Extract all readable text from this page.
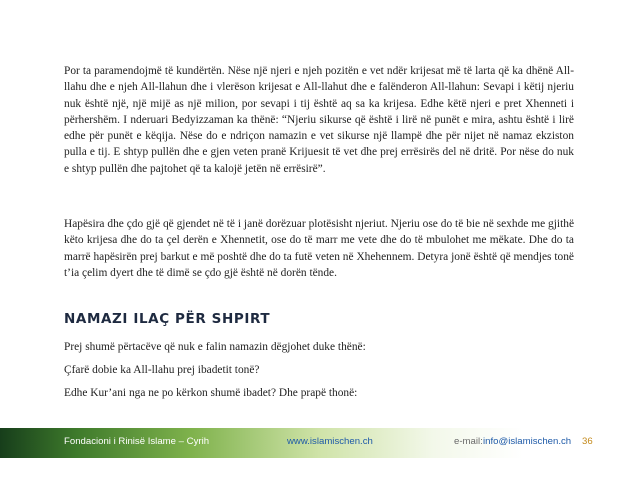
Por ta paramendojmë të kundërtën. Nëse një njeri e njeh pozitën e vet ndër krijesat më të larta që ka dhënë All-llahu dhe e njeh All-llahun dhe i vlerëson krijesat e All-llahut dhe e falënderon All-llahun: Sevapi i këtij njeriu nuk është një, një mijë as një milion, por sevapi i tij është aq sa ka krijesa. Edhe këtë njeri e pret Xhenneti i përhershëm. I nderuari Bedyizzaman ka thënë: “Njeriu sikurse që është i lirë në punët e mira, ashtu është i lirë edhe për punët e këqija. Nëse do e ndriçon namazin e vet sikurse një llampë dhe për nijet në namaz ekziston pulla e tij. E shtyp pullën dhe e gjen veten pranë Krijuesit të vet dhe prej errësirës del në dritë. Por nëse do nuk e shtyp pullën dhe pajtohet që ta kalojë jetën në errësirë”.

Hapësira dhe çdo gjë që gjendet në të i janë dorëzuar plotësisht njeriut. Njeriu ose do të bie në sexhde me gjithë këto krijesa dhe do ta çel derën e Xhennetit, ose do të marr me vete dhe do të mbulohet me mëkate. Dhe do ta marrë hapësirën prej barkut e më poshtë dhe do ta futë veten në Xhehennem. Detyra jonë është që mendjes tonë t’ia çelim dyert dhe të dimë se çdo gjë është në dorën tënde.

NAMAZI ILAÇ PËR SHPIRT

Prej shumë përtacëve që nuk e falin namazin dëgjohet duke thënë:

Çfarë dobie ka All-llahu prej ibadetit tonë?

Edhe Kur’ani nga ne po kërkon shumë ibadet? Dhe prapë thonë:

Fondacioni i Rinisë Islame – Cyrih	www.islamischen.ch	e-mail: info@islamischen.ch 36
